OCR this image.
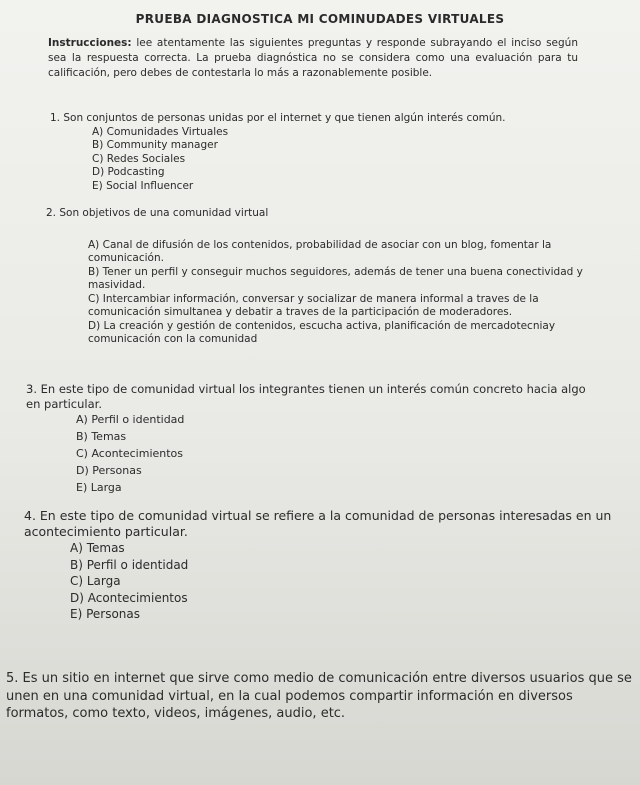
PRUEBA DIAGNOSTICA MI COMINUDADES VIRTUALES

Instrucciones: lee atentamente las siguientes preguntas y responde subrayando el inciso según sea la respuesta correcta. La prueba diagnóstica no se considera como una evaluación para tu calificación, pero debes de contestarla lo más a razonablemente posible.

1. Son conjuntos de personas unidas por el internet y que tienen algún interés común.

A) Comunidades Virtuales
B) Community manager
C) Redes Sociales
D) Podcasting
E) Social Influencer

2. Son objetivos de una comunidad virtual

A) Canal de difusión de los contenidos, probabilidad de asociar con un blog, fomentar la comunicación.
B) Tener un perfil y conseguir muchos seguidores, además de tener una buena conectividad y masividad.
C) Intercambiar información, conversar y socializar de manera informal a traves de la comunicación simultanea y debatir a traves de la participación de moderadores.
D) La creación y gestión de contenidos, escucha activa, planificación de mercadotecniay comunicación con la comunidad

3. En este tipo de comunidad virtual los integrantes tienen un interés común concreto hacia algo en particular.

A) Perfil o identidad
B) Temas
C) Acontecimientos
D) Personas
E) Larga

4. En este tipo de comunidad virtual se refiere a la comunidad de personas interesadas en un acontecimiento particular.

A) Temas
B) Perfil o identidad
C) Larga
D) Acontecimientos
E) Personas

5. Es un sitio en internet que sirve como medio de comunicación entre diversos usuarios que se unen en una comunidad virtual, en la cual podemos compartir información en diversos formatos, como texto, videos, imágenes, audio, etc.
